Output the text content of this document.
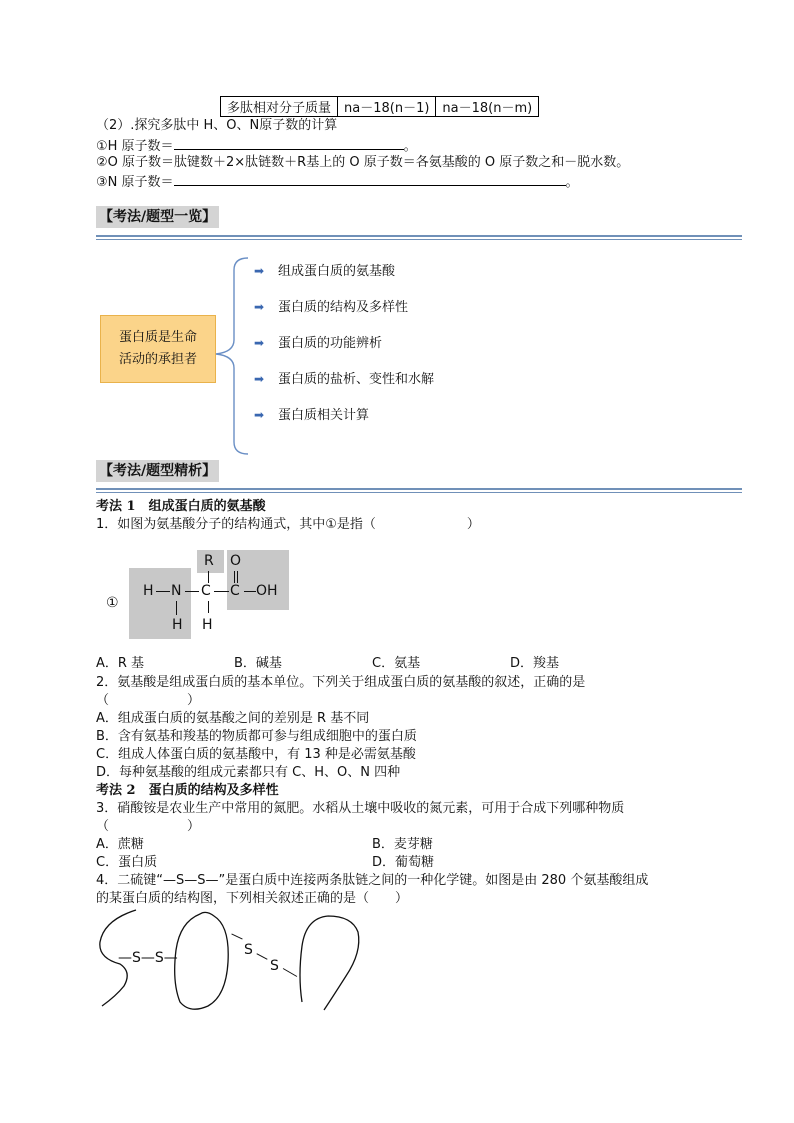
多肽相对分子质量	na－18(n－1)	na－18(n－m)
（2）.探究多肽中 H、O、N原子数的计算
①H 原子数＝	。
②O 原子数＝肽键数＋2×肽链数＋R基上的 O 原子数＝各氨基酸的 O 原子数之和－脱水数。
③N 原子数＝	。
【考法/题型一览】
蛋白质是生命
活动的承担者
➡ 组成蛋白质的氨基酸
➡ 蛋白质的结构及多样性
➡ 蛋白质的功能辨析
➡ 蛋白质的盐析、变性和水解
➡ 蛋白质相关计算
【考法/题型精析】
考法 1　组成蛋白质的氨基酸
1．如图为氨基酸分子的结构通式，其中①是指（　　　　　　　）
①
H N
H
C
R
H
C
O
OH
A．R 基	B．碱基	C．氨基	D．羧基
2．氨基酸是组成蛋白质的基本单位。下列关于组成蛋白质的氨基酸的叙述，正确的是
（　　　　　　）
A．组成蛋白质的氨基酸之间的差别是 R 基不同
B．含有氨基和羧基的物质都可参与组成细胞中的蛋白质
C．组成人体蛋白质的氨基酸中，有 13 种是必需氨基酸
D．每种氨基酸的组成元素都只有 C、H、O、N 四种
考法 2　蛋白质的结构及多样性
3．硝酸铵是农业生产中常用的氮肥。水稻从土壤中吸收的氮元素，可用于合成下列哪种物质
（　　　　　　）
A．蔗糖	B．麦芽糖
C．蛋白质	D．葡萄糖
4．二硫键“—S—S—”是蛋白质中连接两条肽链之间的一种化学键。如图是由 280 个氨基酸组成
的某蛋白质的结构图，下列相关叙述正确的是（　　）
—S—S—	S
S
